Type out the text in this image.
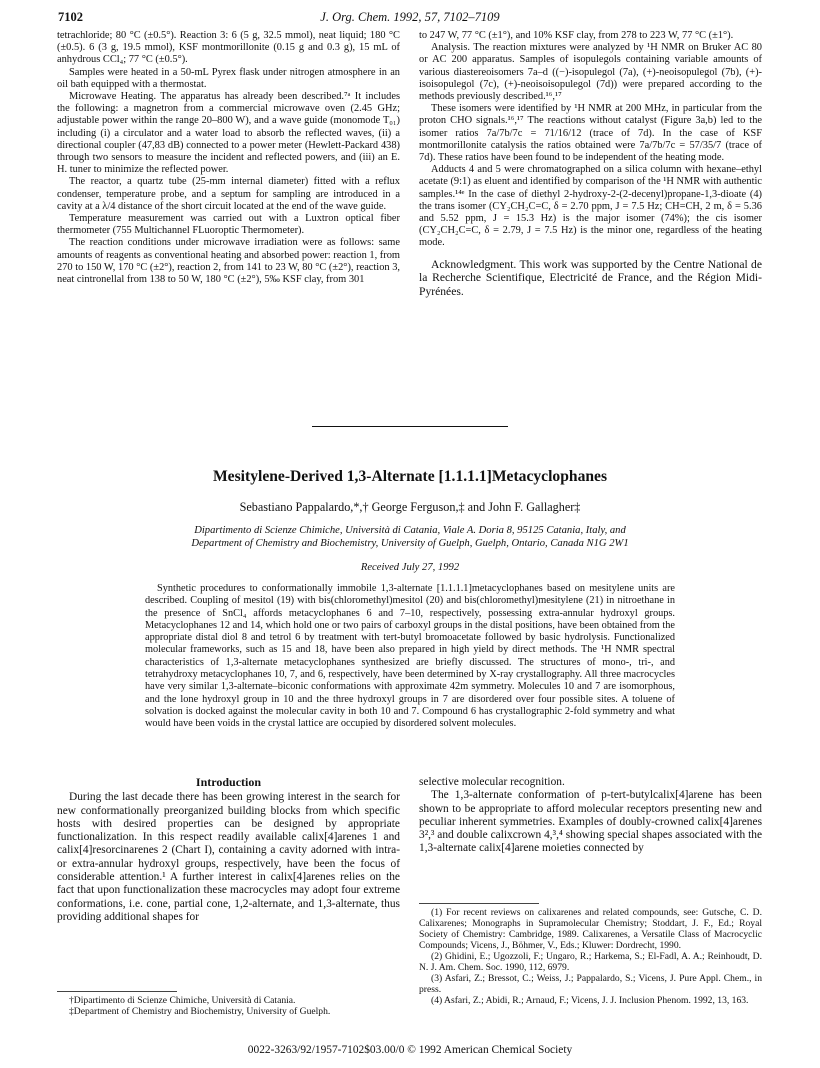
7102	J. Org. Chem. 1992, 57, 7102–7109

tetrachloride; 80 °C (±0.5°). Reaction 3: 6 (5 g, 32.5 mmol), neat liquid; 180 °C (±0.5). 6 (3 g, 19.5 mmol), KSF montmorillonite (0.15 g and 0.3 g), 15 mL of anhydrous CCl₄; 77 °C (±0.5°).

Samples were heated in a 50-mL Pyrex flask under nitrogen atmosphere in an oil bath equipped with a thermostat.

Microwave Heating. The apparatus has already been described.⁷ᵃ It includes the following: a magnetron from a commercial microwave oven (2.45 GHz; adjustable power within the range 20–800 W), and a wave guide (monomode T₀₁) including (i) a circulator and a water load to absorb the reflected waves, (ii) a directional coupler (47,83 dB) connected to a power meter (Hewlett-Packard 438) through two sensors to measure the incident and reflected powers, and (iii) an E. H. tuner to minimize the reflected power.

The reactor, a quartz tube (25-mm internal diameter) fitted with a reflux condenser, temperature probe, and a septum for sampling are introduced in a cavity at a λ/4 distance of the short circuit located at the end of the wave guide.

Temperature measurement was carried out with a Luxtron optical fiber thermometer (755 Multichannel FLuoroptic Thermometer).

The reaction conditions under microwave irradiation were as follows: same amounts of reagents as conventional heating and absorbed power: reaction 1, from 270 to 150 W, 170 °C (±2°), reaction 2, from 141 to 23 W, 80 °C (±2°), reaction 3, neat cintronellal from 138 to 50 W, 180 °C (±2°), 5‰ KSF clay, from 301

to 247 W, 77 °C (±1°), and 10% KSF clay, from 278 to 223 W, 77 °C (±1°).

Analysis. The reaction mixtures were analyzed by ¹H NMR on Bruker AC 80 or AC 200 apparatus. Samples of isopulegols containing variable amounts of various diastereoisomers 7a–d ((−)-isopulegol (7a), (+)-neoisopulegol (7b), (+)-isoisopulegol (7c), (+)-neoisoisopulegol (7d)) were prepared according to the methods previously described.¹⁶,¹⁷

These isomers were identified by ¹H NMR at 200 MHz, in particular from the proton CHO signals.¹⁶,¹⁷ The reactions without catalyst (Figure 3a,b) led to the isomer ratios 7a/7b/7c = 71/16/12 (trace of 7d). In the case of KSF montmorillonite catalysis the ratios obtained were 7a/7b/7c = 57/35/7 (trace of 7d). These ratios have been found to be independent of the heating mode.

Adducts 4 and 5 were chromatographed on a silica column with hexane–ethyl acetate (9:1) as eluent and identified by comparison of the ¹H NMR with authentic samples.¹⁴ᵉ In the case of diethyl 2-hydroxy-2-(2-decenyl)propane-1,3-dioate (4) the trans isomer (CY₂CH₂C=C, δ = 2.70 ppm, J = 7.5 Hz; CH=CH, 2 m, δ = 5.36 and 5.52 ppm, J = 15.3 Hz) is the major isomer (74%); the cis isomer (CY₂CH₂C=C, δ = 2.79, J = 7.5 Hz) is the minor one, regardless of the heating mode.

Acknowledgment. This work was supported by the Centre National de la Recherche Scientifique, Electricité de France, and the Région Midi-Pyrénées.

Mesitylene-Derived 1,3-Alternate [1.1.1.1]Metacyclophanes
Sebastiano Pappalardo,*,† George Ferguson,‡ and John F. Gallagher‡
Dipartimento di Scienze Chimiche, Università di Catania, Viale A. Doria 8, 95125 Catania, Italy, and
Department of Chemistry and Biochemistry, University of Guelph, Guelph, Ontario, Canada N1G 2W1
Received July 27, 1992

Synthetic procedures to conformationally immobile 1,3-alternate [1.1.1.1]metacyclophanes based on mesitylene units are described. Coupling of mesitol (19) with bis(chloromethyl)mesitol (20) and bis(chloromethyl)mesitylene (21) in nitroethane in the presence of SnCl₄ affords metacyclophanes 6 and 7–10, respectively, possessing extra-annular hydroxyl groups. Metacyclophanes 12 and 14, which hold one or two pairs of carboxyl groups in the distal positions, have been obtained from the appropriate distal diol 8 and tetrol 6 by treatment with tert-butyl bromoacetate followed by basic hydrolysis. Functionalized molecular frameworks, such as 15 and 18, have been also prepared in high yield by direct methods. The ¹H NMR spectral characteristics of 1,3-alternate metacyclophanes synthesized are briefly discussed. The structures of mono-, tri-, and tetrahydroxy metacyclophanes 10, 7, and 6, respectively, have been determined by X-ray crystallography. All three macrocycles have very similar 1,3-alternate–biconic conformations with approximate 42m symmetry. Molecules 10 and 7 are isomorphous, and the lone hydroxyl group in 10 and the three hydroxyl groups in 7 are disordered over four possible sites. A toluene of solvation is docked against the molecular cavity in both 10 and 7. Compound 6 has crystallographic 2-fold symmetry and what would have been voids in the crystal lattice are occupied by disordered solvent molecules.

Introduction

During the last decade there has been growing interest in the search for new conformationally preorganized building blocks from which specific hosts with desired properties can be designed by appropriate functionalization. In this respect readily available calix[4]arenes 1 and calix[4]resorcinarenes 2 (Chart I), containing a cavity adorned with intra- or extra-annular hydroxyl groups, respectively, have been the focus of considerable attention.¹ A further interest in calix[4]arenes relies on the fact that upon functionalization these macrocycles may adopt four extreme conformations, i.e. cone, partial cone, 1,2-alternate, and 1,3-alternate, thus providing additional shapes for

†Dipartimento di Scienze Chimiche, Università di Catania.

‡Department of Chemistry and Biochemistry, University of Guelph.

selective molecular recognition.

The 1,3-alternate conformation of p-tert-butylcalix[4]arene has been shown to be appropriate to afford molecular receptors presenting new and peculiar inherent symmetries. Examples of doubly-crowned calix[4]arenes 3²,³ and double calixcrown 4,³,⁴ showing special shapes associated with the 1,3-alternate calix[4]arene moieties connected by

(1) For recent reviews on calixarenes and related compounds, see: Gutsche, C. D. Calixarenes; Monographs in Supramolecular Chemistry; Stoddart, J. F., Ed.; Royal Society of Chemistry: Cambridge, 1989. Calixarenes, a Versatile Class of Macrocyclic Compounds; Vicens, J., Böhmer, V., Eds.; Kluwer: Dordrecht, 1990.

(2) Ghidini, E.; Ugozzoli, F.; Ungaro, R.; Harkema, S.; El-Fadl, A. A.; Reinhoudt, D. N. J. Am. Chem. Soc. 1990, 112, 6979.

(3) Asfari, Z.; Bressot, C.; Weiss, J.; Pappalardo, S.; Vicens, J. Pure Appl. Chem., in press.

(4) Asfari, Z.; Abidi, R.; Arnaud, F.; Vicens, J. J. Inclusion Phenom. 1992, 13, 163.

0022-3263/92/1957-7102$03.00/0 © 1992 American Chemical Society
